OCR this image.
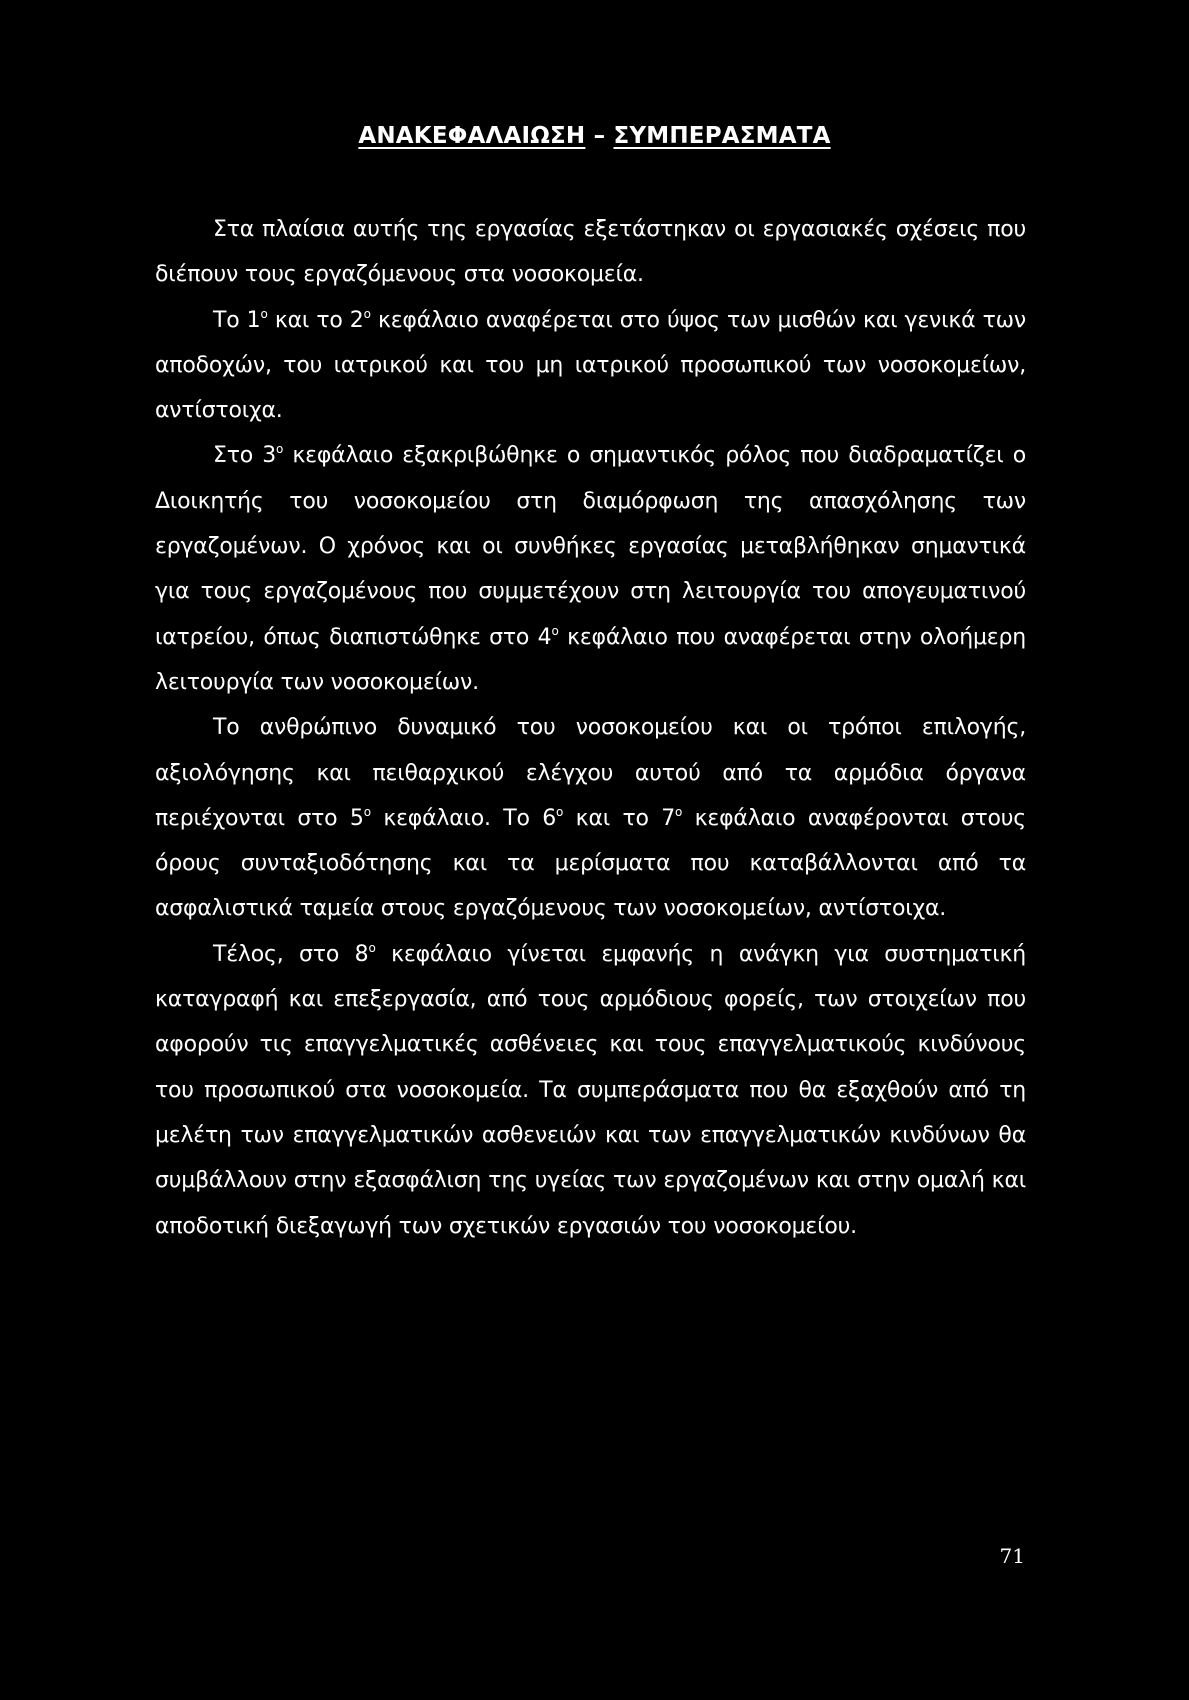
ΑΝΑΚΕΦΑΛΑΙΩΣΗ – ΣΥΜΠΕΡΑΣΜΑΤΑ

Στα πλαίσια αυτής της εργασίας εξετάστηκαν οι εργασιακές σχέσεις που διέπουν τους εργαζόμενους στα νοσοκομεία.

Το $1^o$ και το $2^o$ κεφάλαιο αναφέρεται στο ύψος των μισθών και γενικά των αποδοχών, του ιατρικού και του μη ιατρικού προσωπικού των νοσοκομείων, αντίστοιχα.

Στο $3^o$ κεφάλαιο εξακριβώθηκε ο σημαντικός ρόλος που διαδραματίζει ο Διοικητής του νοσοκομείου στη διαμόρφωση της απασχόλησης των εργαζομένων. Ο χρόνος και οι συνθήκες εργασίας μεταβλήθηκαν σημαντικά για τους εργαζομένους που συμμετέχουν στη λειτουργία του απογευματινού ιατρείου, όπως διαπιστώθηκε στο $4^o$ κεφάλαιο που αναφέρεται στην ολοήμερη λειτουργία των νοσοκομείων.

Το ανθρώπινο δυναμικό του νοσοκομείου και οι τρόποι επιλογής, αξιολόγησης και πειθαρχικού ελέγχου αυτού από τα αρμόδια όργανα περιέχονται στο $5^o$ κεφάλαιο. Το $6^o$ και το $7^o$ κεφάλαιο αναφέρονται στους όρους συνταξιοδότησης και τα μερίσματα που καταβάλλονται από τα ασφαλιστικά ταμεία στους εργαζόμενους των νοσοκομείων, αντίστοιχα.

Τέλος, στο $8^o$ κεφάλαιο γίνεται εμφανής η ανάγκη για συστηματική καταγραφή και επεξεργασία, από τους αρμόδιους φορείς, των στοιχείων που αφορούν τις επαγγελματικές ασθένειες και τους επαγγελματικούς κινδύνους του προσωπικού στα νοσοκομεία. Τα συμπεράσματα που θα εξαχθούν από τη μελέτη των επαγγελματικών ασθενειών και των επαγγελματικών κινδύνων θα συμβάλλουν στην εξασφάλιση της υγείας των εργαζομένων και στην ομαλή και αποδοτική διεξαγωγή των σχετικών εργασιών του νοσοκομείου.

71
